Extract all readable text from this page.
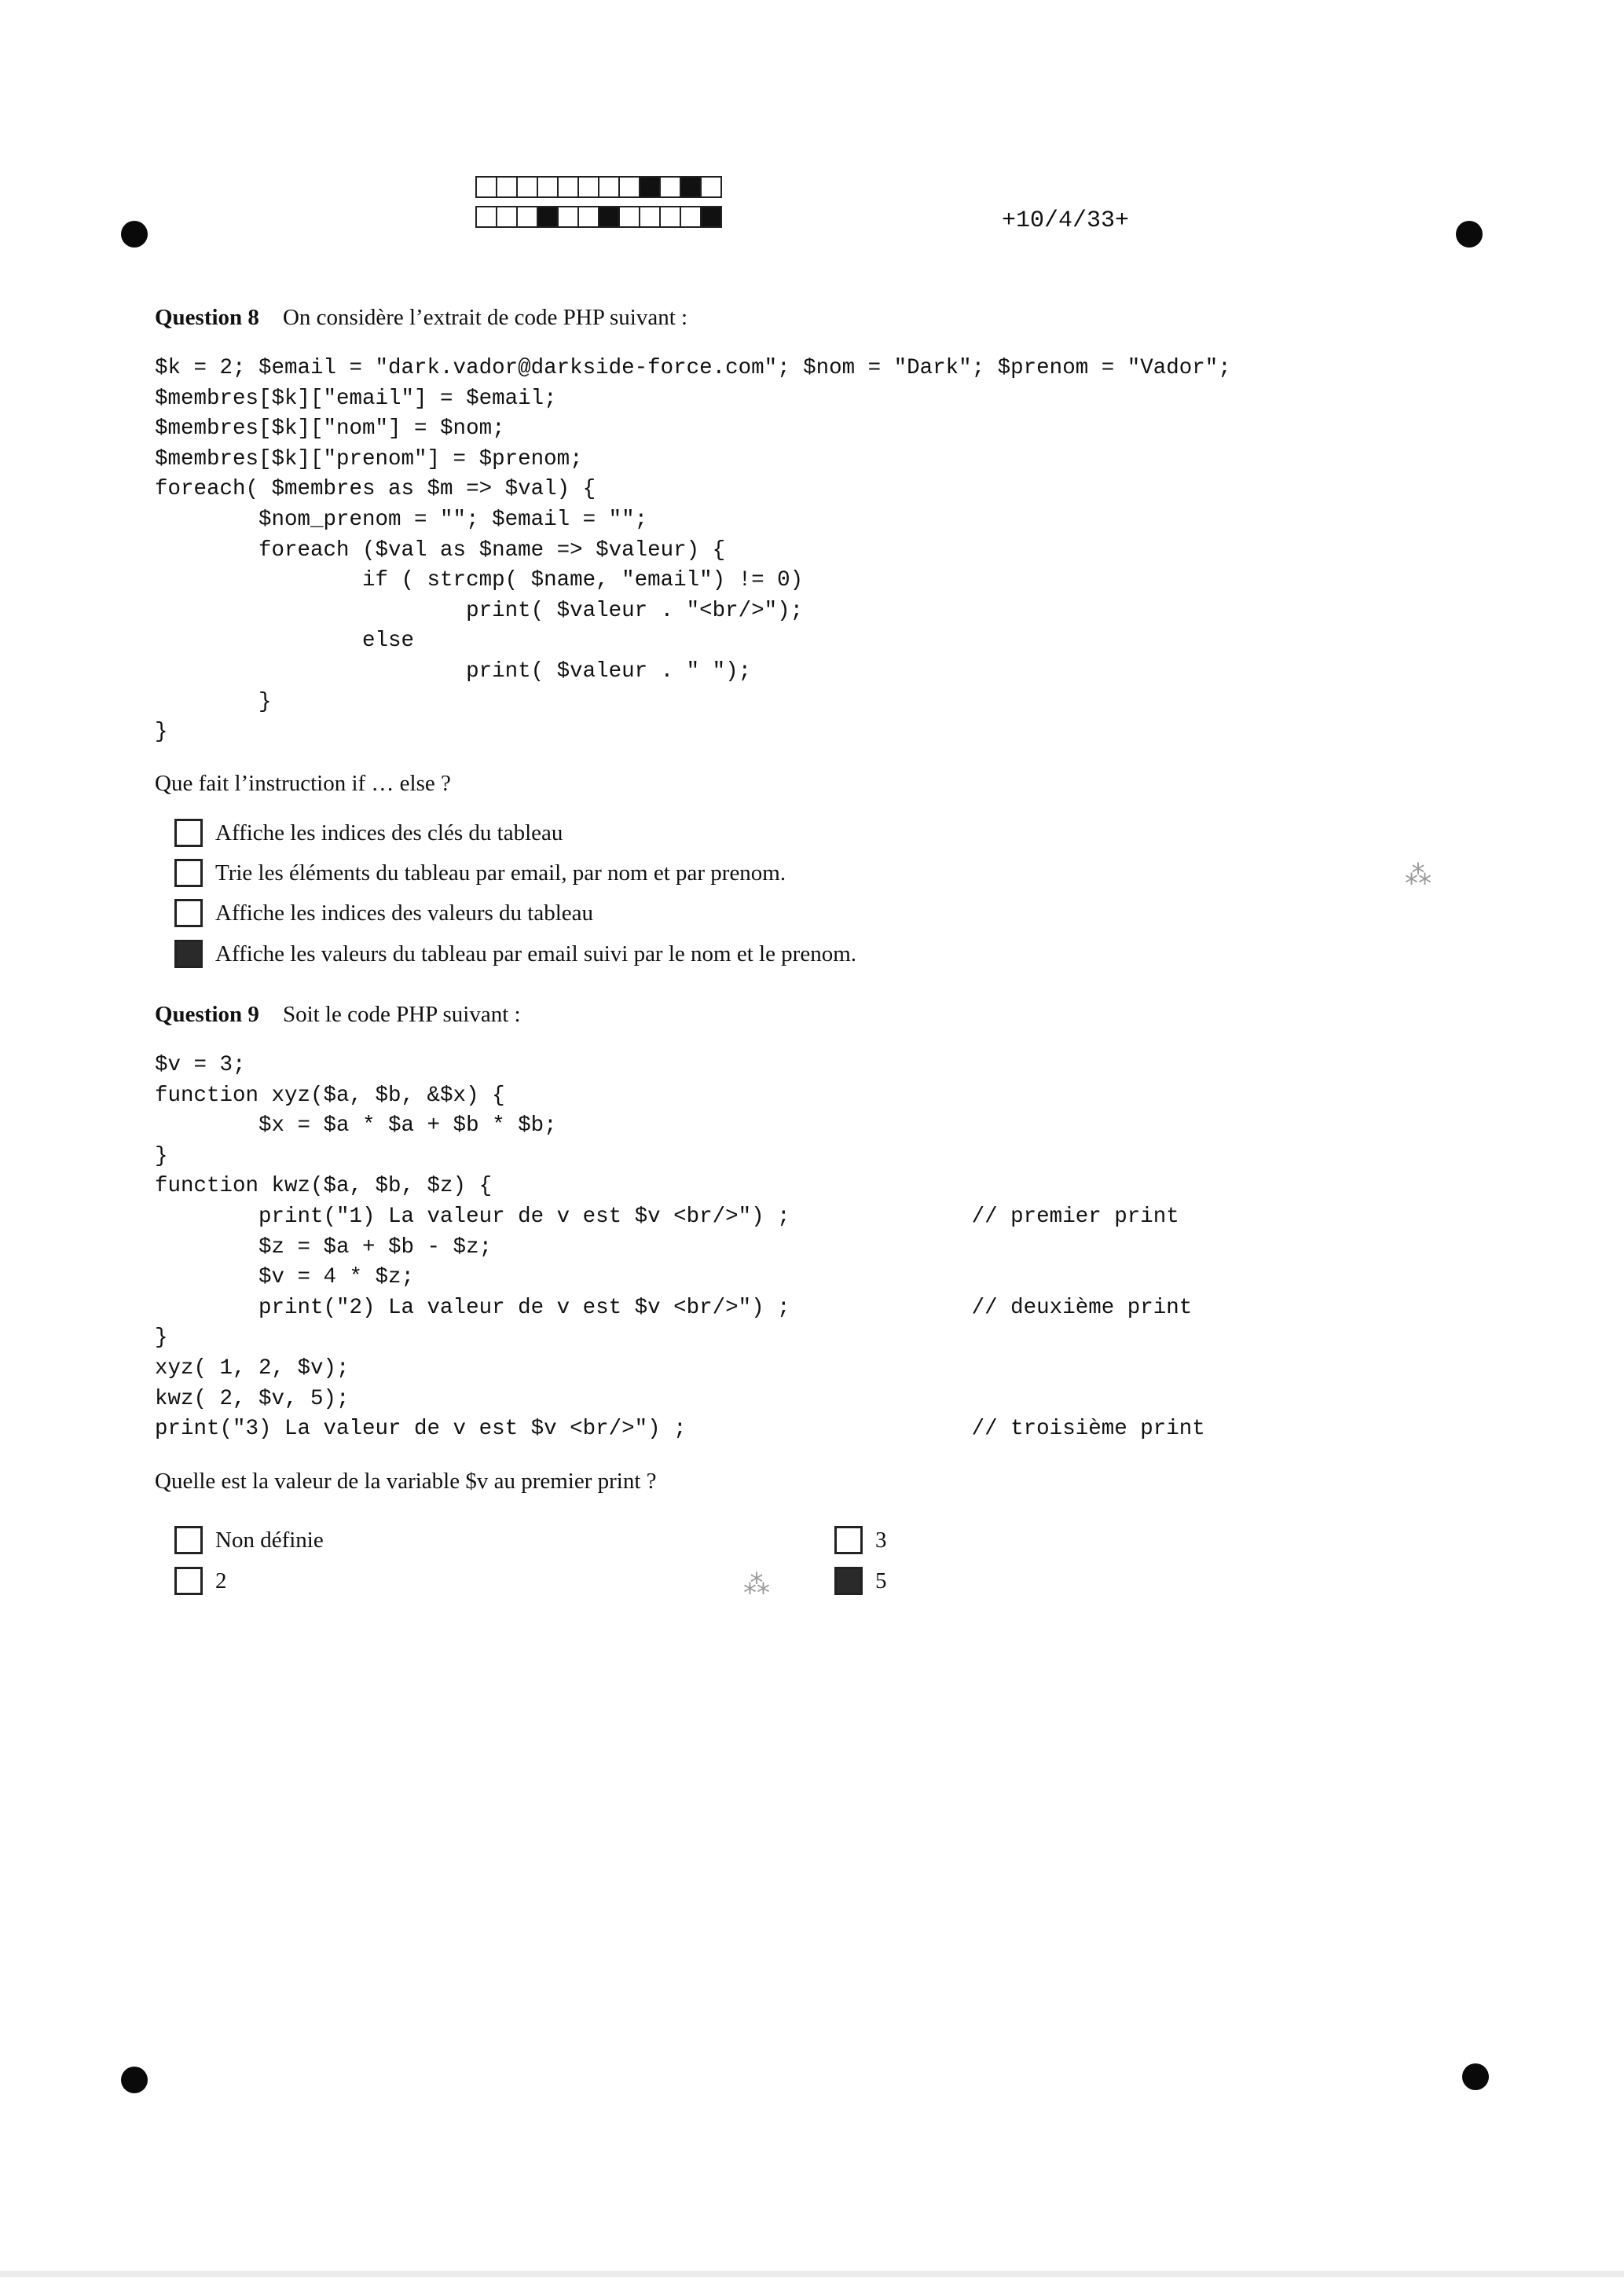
+10/4/33+
Question 8 On considère l’extrait de code PHP suivant :
$k = 2; $email = "dark.vador@darkside-force.com"; $nom = "Dark"; $prenom = "Vador";
$membres[$k]["email"] = $email;
$membres[$k]["nom"] = $nom;
$membres[$k]["prenom"] = $prenom;
foreach( $membres as $m => $val) {
$nom_prenom = ""; $email = "";
foreach ($val as $name => $valeur) {
if ( strcmp( $name, "email") != 0)
print( $valeur . "<br/>");
else
print( $valeur . " ");
}
}
Que fait l’instruction if … else ?
Affiche les indices des clés du tableau
Trie les éléments du tableau par email, par nom et par prenom.
Affiche les indices des valeurs du tableau
Affiche les valeurs du tableau par email suivi par le nom et le prenom.
⁂
Question 9 Soit le code PHP suivant :
$v = 3;
function xyz($a, $b, &$x) {
$x = $a * $a + $b * $b;
}
function kwz($a, $b, $z) {
print("1) La valeur de v est $v <br/>") ;              // premier print
$z = $a + $b - $z;
$v = 4 * $z;
print("2) La valeur de v est $v <br/>") ;              // deuxième print
}
xyz( 1, 2, $v);
kwz( 2, $v, 5);
print("3) La valeur de v est $v <br/>") ;                      // troisième print
Quelle est la valeur de la variable $v au premier print ?
Non définie	3
2	5
⁂
